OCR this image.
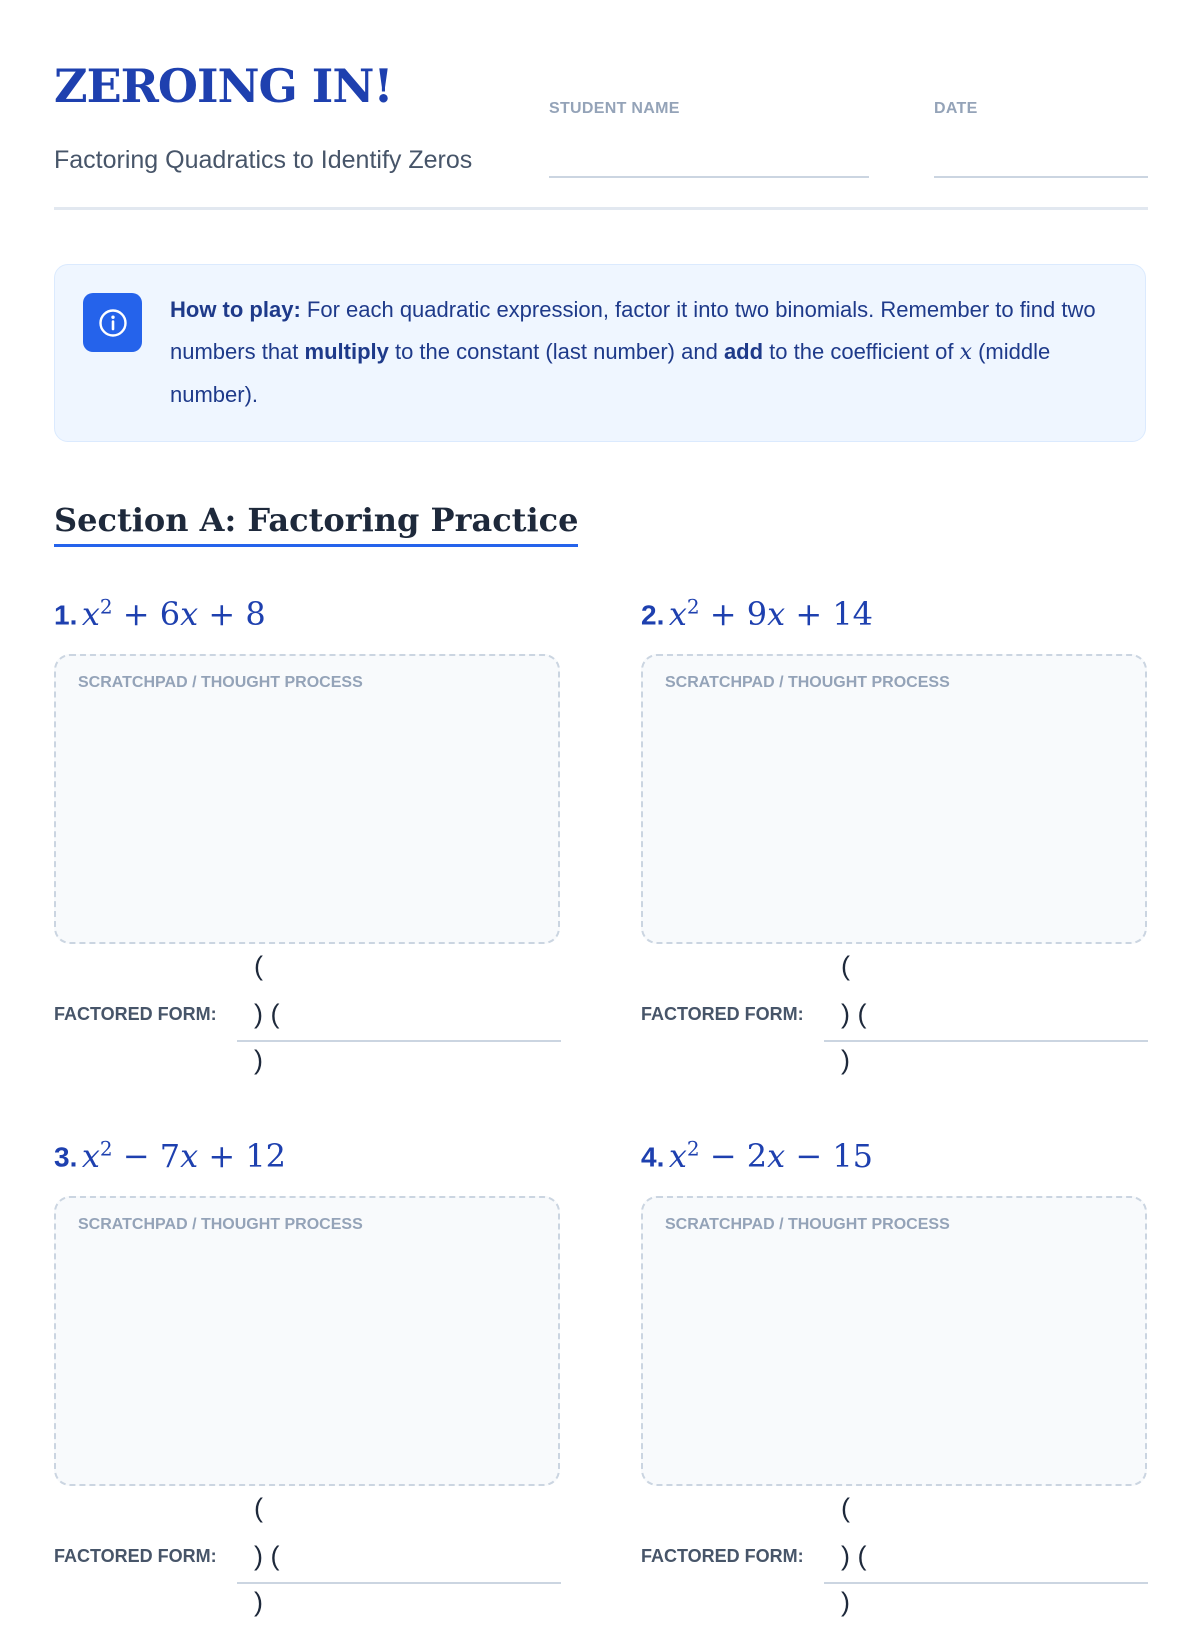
ZEROING IN!
Factoring Quadratics to Identify Zeros
STUDENT NAME	DATE
How to play: For each quadratic expression, factor it into two binomials. Remember to find two numbers that multiply to the constant (last number) and add to the coefficient of x (middle number).
Section A: Factoring Practice
1. $x^2 + 6x + 8$
SCRATCHPAD / THOUGHT PROCESS
(
FACTORED FORM: ) (
)
2. $x^2 + 9x + 14$
SCRATCHPAD / THOUGHT PROCESS
(
FACTORED FORM: ) (
)
3. $x^2 - 7x + 12$
SCRATCHPAD / THOUGHT PROCESS
(
FACTORED FORM: ) (
)
4. $x^2 - 2x - 15$
SCRATCHPAD / THOUGHT PROCESS
(
FACTORED FORM: ) (
)
